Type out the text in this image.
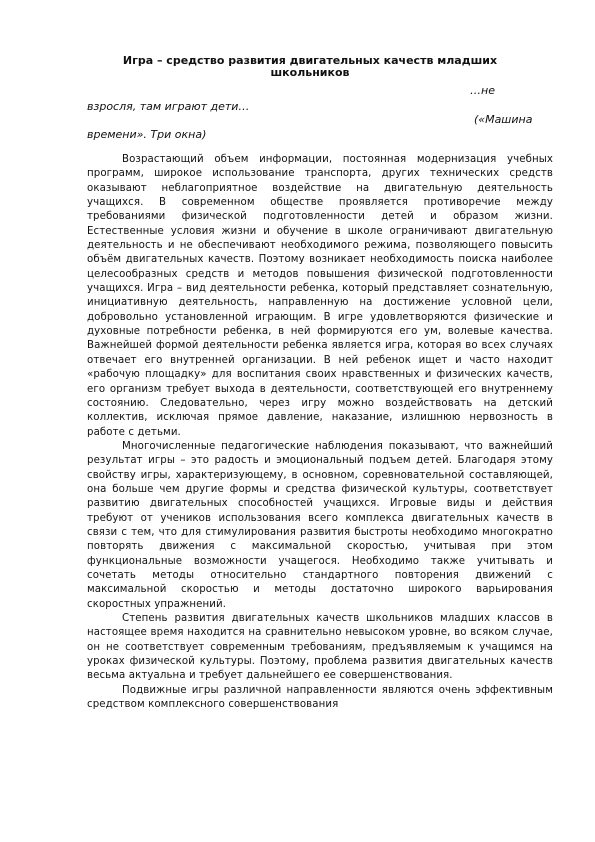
Игра – средство развития двигательных качеств младших школьников
…не
взросля, там играют дети…
(«Машина
времени». Три окна)

Возрастающий объем информации, постоянная модернизация учебных программ, широкое использование транспорта, других технических средств оказывают неблагоприятное воздействие на двигательную деятельность учащихся. В современном обществе проявляется противоречие между требованиями физической подготовленности детей и образом жизни. Естественные условия жизни и обучение в школе ограничивают двигательную деятельность и не обеспечивают необходимого режима, позволяющего повысить объём двигательных качеств. Поэтому возникает необходимость поиска наиболее целесообразных средств и методов повышения физической подготовленности учащихся. Игра – вид деятельности ребенка, который представляет сознательную, инициативную деятельность, направленную на достижение условной цели, добровольно установленной играющим. В игре удовлетворяются физические и духовные потребности ребенка, в ней формируются его ум, волевые качества. Важнейшей формой деятельности ребенка является игра, которая во всех случаях отвечает его внутренней организации. В ней ребенок ищет и часто находит «рабочую площадку» для воспитания своих нравственных и физических качеств, его организм требует выхода в деятельности, соответствующей его внутреннему состоянию. Следовательно, через игру можно воздействовать на детский коллектив, исключая прямое давление, наказание, излишнюю нервозность в работе с детьми.

Многочисленные педагогические наблюдения показывают, что важнейший результат игры – это радость и эмоциональный подъем детей. Благодаря этому свойству игры, характеризующему, в основном, соревновательной составляющей, она больше чем другие формы и средства физической культуры, соответствует развитию двигательных способностей учащихся. Игровые виды и действия требуют от учеников использования всего комплекса двигательных качеств в связи с тем, что для стимулирования развития быстроты необходимо многократно повторять движения с максимальной скоростью, учитывая при этом функциональные возможности учащегося. Необходимо также учитывать и сочетать методы относительно стандартного повторения движений с максимальной скоростью и методы достаточно широкого варьирования скоростных упражнений.

Степень развития двигательных качеств школьников младших классов в настоящее время находится на сравнительно невысоком уровне, во всяком случае, он не соответствует современным требованиям, предъявляемым к учащимся на уроках физической культуры. Поэтому, проблема развития двигательных качеств весьма актуальна и требует дальнейшего ее совершенствования.

Подвижные игры различной направленности являются очень эффективным средством комплексного совершенствования
